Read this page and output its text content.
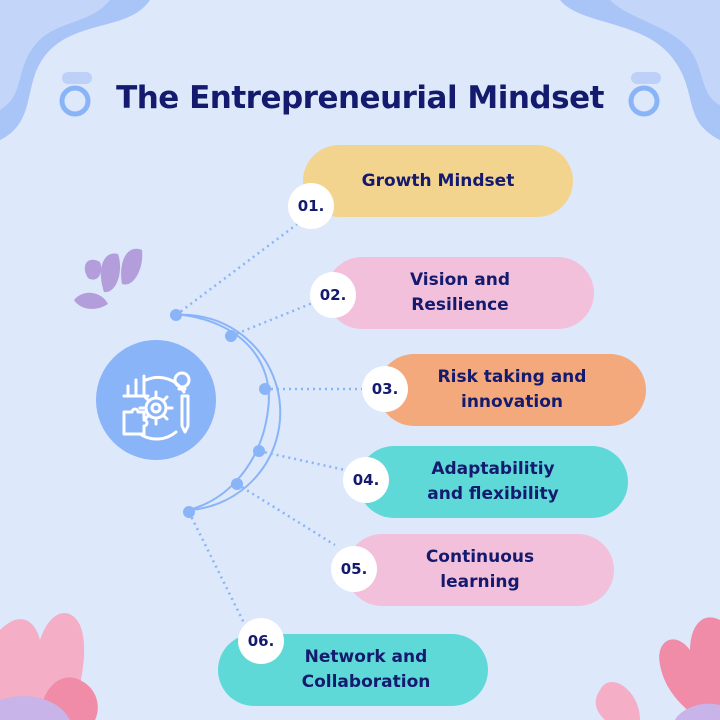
The Entrepreneurial Mindset
Growth Mindset
01.
Vision and
Resilience
02.
Risk taking and
innovation
03.
Adaptabilitiy
and flexibility
04.
Continuous
learning
05.
Network and
Collaboration
06.
